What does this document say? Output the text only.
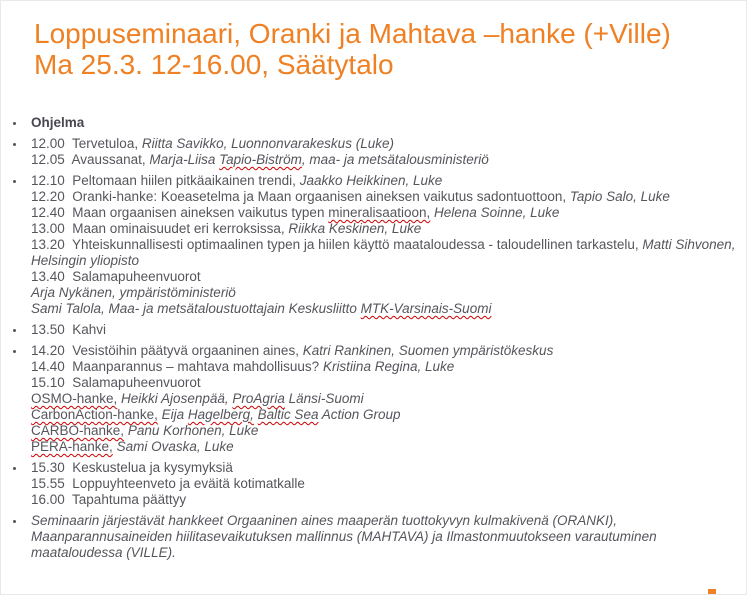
Loppuseminaari, Oranki ja Mahtava –hanke (+Ville)
Ma 25.3. 12-16.00, Säätytalo
Ohjelma
12.00  Tervetuloa, Riitta Savikko, Luonnonvarakeskus (Luke)
12.05  Avaussanat, Marja-Liisa Tapio-Biström, maa- ja metsätalousministeriö
12.10  Peltomaan hiilen pitkäaikainen trendi, Jaakko Heikkinen, Luke
12.20  Oranki-hanke: Koeasetelma ja Maan orgaanisen aineksen vaikutus sadontuottoon, Tapio Salo, Luke
12.40  Maan orgaanisen aineksen vaikutus typen mineralisaatioon, Helena Soinne, Luke
13.00  Maan ominaisuudet eri kerroksissa, Riikka Keskinen, Luke
13.20  Yhteiskunnallisesti optimaalinen typen ja hiilen käyttö maataloudessa - taloudellinen tarkastelu, Matti Sihvonen, Helsingin yliopisto
13.40  Salamapuheenvuorot
Arja Nykänen, ympäristöministeriö
Sami Talola, Maa- ja metsätaloustuottajain Keskusliitto MTK-Varsinais-Suomi
13.50  Kahvi
14.20  Vesistöihin päätyvä orgaaninen aines, Katri Rankinen, Suomen ympäristökeskus
14.40  Maanparannus – mahtava mahdollisuus? Kristiina Regina, Luke
15.10  Salamapuheenvuorot
OSMO-hanke, Heikki Ajosenpää, ProAgria Länsi-Suomi
CarbonAction-hanke, Eija Hagelberg, Baltic Sea Action Group
CARBO-hanke, Panu Korhonen, Luke
PERA-hanke, Sami Ovaska, Luke
15.30  Keskustelua ja kysymyksiä
15.55  Loppuyhteenveto ja eväitä kotimatkalle
16.00  Tapahtuma päättyy
Seminaarin järjestävät hankkeet Orgaaninen aines maaperän tuottokyvyn kulmakivenä (ORANKI), Maanparannusaineiden hiilitasevaikutuksen mallinnus (MAHTAVA) ja Ilmastonmuutokseen varautuminen maataloudessa (VILLE).
